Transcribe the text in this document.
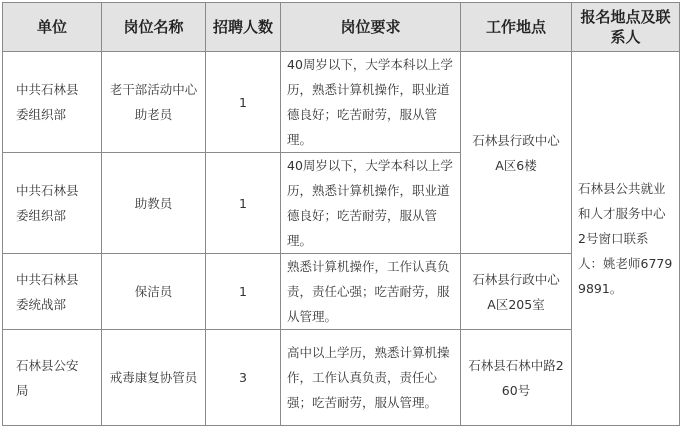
单位	岗位名称	招聘人数	岗位要求	工作地点	报名地点及联系人
中共石林县委组织部	老干部活动中心助老员	1	40周岁以下，大学本科以上学历，熟悉计算机操作，职业道德良好；吃苦耐劳，服从管理。	石林县行政中心A区6楼	石林县公共就业和人才服务中心2号窗口联系人：姚老师67799891。
中共石林县委组织部	助教员	1	40周岁以下，大学本科以上学历，熟悉计算机操作，职业道德良好；吃苦耐劳，服从管理。		
中共石林县委统战部	保洁员	1	熟悉计算机操作，工作认真负责，责任心强；吃苦耐劳，服从管理。	石林县行政中心A区205室	
石林县公安局	戒毒康复协管员	3	高中以上学历，熟悉计算机操作，工作认真负责，责任心强；吃苦耐劳，服从管理。	石林县石林中路260号	
